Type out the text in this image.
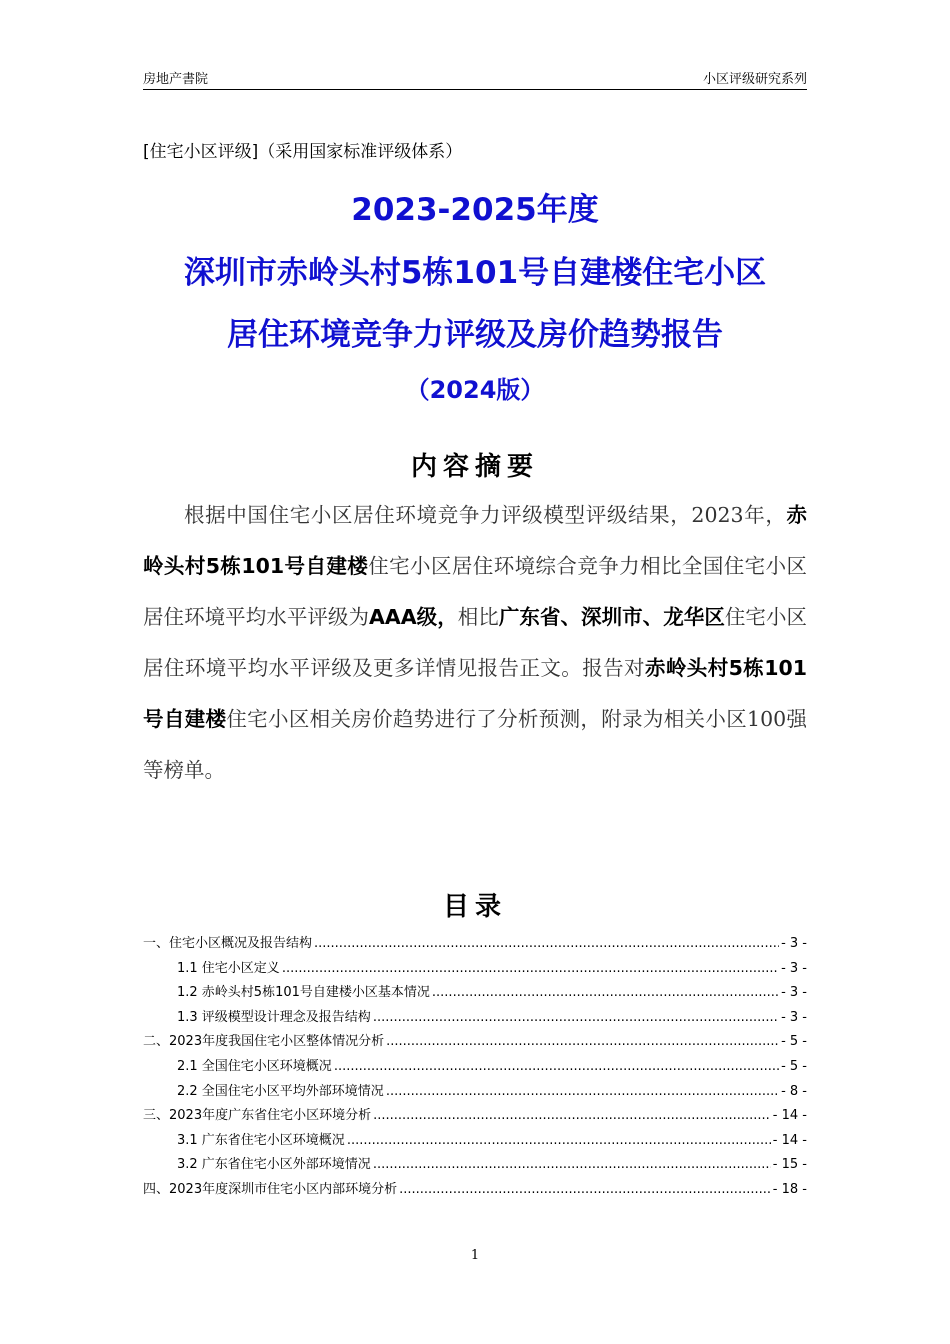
房地产書院	小区评级研究系列
[住宅小区评级]（采用国家标准评级体系）
2023-2025年度
深圳市赤岭头村5栋101号自建楼住宅小区
居住环境竞争力评级及房价趋势报告
（2024版）
内容摘要
根据中国住宅小区居住环境竞争力评级模型评级结果，2023年，赤岭头村5栋101号自建楼住宅小区居住环境综合竞争力相比全国住宅小区居住环境平均水平评级为AAA级，相比广东省、深圳市、龙华区住宅小区居住环境平均水平评级及更多详情见报告正文。报告对赤岭头村5栋101号自建楼住宅小区相关房价趋势进行了分析预测，附录为相关小区100强等榜单。
目录
一、住宅小区概况及报告结构 .....	- 3 -
1.1 住宅小区定义 .....	- 3 -
1.2 赤岭头村5栋101号自建楼小区基本情况 .....	- 3 -
1.3 评级模型设计理念及报告结构 .....	- 3 -
二、2023年度我国住宅小区整体情况分析 .....	- 5 -
2.1 全国住宅小区环境概况 .....	- 5 -
2.2 全国住宅小区平均外部环境情况 .....	- 8 -
三、2023年度广东省住宅小区环境分析 .....	- 14 -
3.1 广东省住宅小区环境概况 .....	- 14 -
3.2 广东省住宅小区外部环境情况 .....	- 15 -
四、2023年度深圳市住宅小区内部环境分析 .....	- 18 -
1
